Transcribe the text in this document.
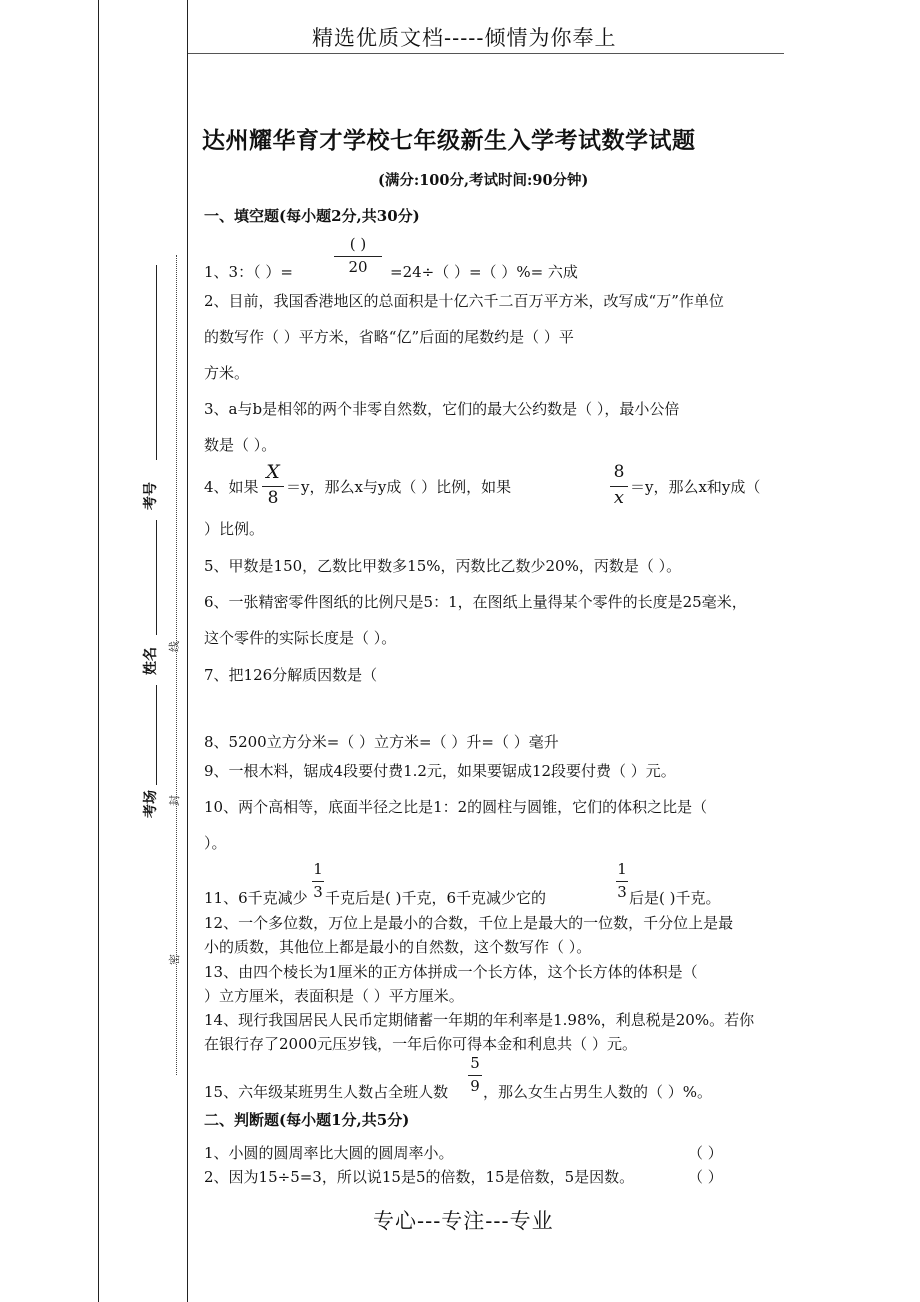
考号
姓名
线
考场 封
密
精选优质文档-----倾情为你奉上
达州耀华育才学校七年级新生入学考试数学试题
(满分:100分,考试时间:90分钟)
一、填空题(每小题2分,共30分)
( )
20
1、3：（ ）=	=24÷（ ）=（ ）%= 六成
2、目前，我国香港地区的总面积是十亿六千二百万平方米，改写成“万”作单位
的数写作（ ）平方米，省略“亿”后面的尾数约是（ ）平
方米。
3、a与b是相邻的两个非零自然数，它们的最大公约数是（ ），最小公倍
数是（ ）。
4、如果
X
8
＝y，那么x与y成（ ）比例，如果
8
x ＝y，那么x和y成（
）比例。
5、甲数是150，乙数比甲数多15%，丙数比乙数少20%，丙数是（ ）。
6、一张精密零件图纸的比例尺是5：1，在图纸上量得某个零件的长度是25毫米，
这个零件的实际长度是（ ）。
7、把126分解质因数是（
8、5200立方分米=（ ）立方米=（ ）升=（ ）毫升
9、一根木料，锯成4段要付费1.2元，如果要锯成12段要付费（ ）元。
10、两个高相等，底面半径之比是1：2的圆柱与圆锥，它们的体积之比是（
）。
11、6千克减少
1
3 千克后是( )千克，6千克减少它的
1
3 后是( )千克。
12、一个多位数，万位上是最小的合数，千位上是最大的一位数，千分位上是最
小的质数，其他位上都是最小的自然数，这个数写作（ ）。
13、由四个棱长为1厘米的正方体拼成一个长方体，这个长方体的体积是（
）立方厘米，表面积是（ ）平方厘米。
14、现行我国居民人民币定期储蓄一年期的年利率是1.98%，利息税是20%。若你
在银行存了2000元压岁钱，一年后你可得本金和利息共（ ）元。
15、六年级某班男生人数占全班人数
5
9 ，那么女生占男生人数的（ ）%。
二、判断题(每小题1分,共5分)
1、小圆的圆周率比大圆的圆周率小。	（ ）
2、因为15÷5=3，所以说15是5的倍数，15是倍数，5是因数。	（ ）
专心---专注---专业
